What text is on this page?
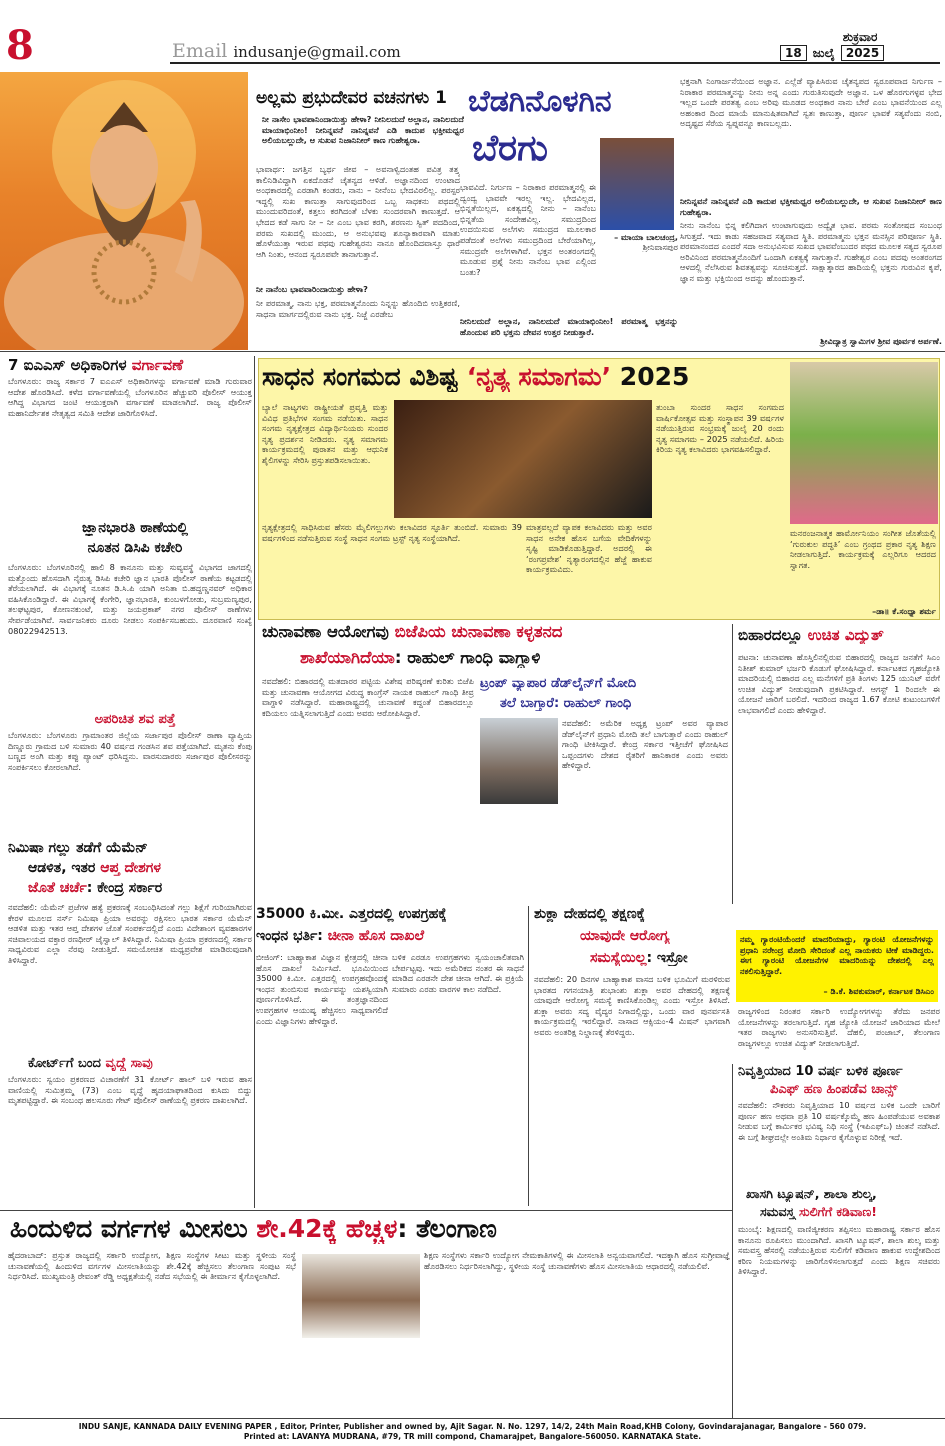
8	Email indusanje@gmail.com
ಶುಕ್ರವಾರ
18 ಜುಲೈ 2025
ಅಲ್ಲಮ ಪ್ರಭುದೇವರ ವಚನಗಳು 1
ನೀ ನಾಸೇಂ ಭಾವಪಾನಿಂದಾಯಿತ್ತು ಹೇಳಾ? ನೀನಿಲದುದೆ ಅಲ್ಲಾನ, ನಾನಿಲದುದೆ ಮಾಯಾಭಿಂನೀಂ! ನೀನಿನ್ನವನೆ ನಾನಿನ್ನವನೆ ಎಡಿ ಕಾದುಪ ಭಕ್ತೀಮಧ್ವರ ಅಲಿಯಬಲ್ಲುದೇ, ಆ ಸುಖವ ನಿಜಾನಿನೀರ್ ಕಾಣ ಗುಹೇಶ್ವರಾ.
ಭಾವಾರ್ಥ: ಜಗತ್ತಿನ ಬ್ಯರ್ಥ ಜೀವ – ಅವನಾಳ್ವಿದಂತಹ ಪವಿತ್ರ ತತ್ತ್ವ ಕಾಲಿನಿಡಿವಿದ್ದಾಗಿ ಏಕದೊಡನೆ ಚೈತನ್ಯದ ಆಳಿಡೆ. ಅಜ್ಞಾನದಿಂದ ಉಂಟಾದ ಅಂಧಕಾರದಲ್ಲಿ ಎರಡಾಗಿ ಕಂಡರು, ನಾನು – ನೀನೆಂಬ ಭೇದವಿರಲಿಲ್ಲ. ಪರಸ್ಪರ ಇದ್ದಲ್ಲಿ ಸುಖ ಕಾಣುತ್ತಾ ಸಾಗುವುದರಿಂದ ಒಬ್ಬ ಸಾಧಕನು ಪಥದಲ್ಲಿ ಮುಂದುವರಿದಂತೆ, ಕತ್ತಲು ಕರಗಿದಂತೆ ಬೆಳಕು ಸುಂದರವಾಗಿ ಕಾಣುತ್ತದೆ. ಆ ಭೇದದ ಕಡೆ ಸಾಗು ನೀ – ನೀ ಎಂಬ ಭಾವ ಕರಗಿ, ಶರಣನು ಸ್ವಿತ್ ಪದದಿಂದ, ಪರಮ ಸುಖದಲ್ಲಿ ಮುಂದು, ಆ ಅನುಭವವು ಶೂನ್ಯಾಕಾರವಾಗಿ ಮಾತು ಹೊಳೆಯುತ್ತಾ ಇರುವ ಪಥವು ಗುಹೇಶ್ವರನು ನಾನೂ ಹೊಂದಿದವಾಸ್ತೂ ಧಾರೆ ಆಗಿ ನಿಂತು, ಆನಂದ ಸ್ವರೂಪವೇ ತಾನಾಗುತ್ತಾನೆ.
ನೀ ನಾನೆಂಬ ಭಾವವಾರಿಂದಾಯಿತ್ತು ಹೇಳಾ?
ನೀ ಪರಮಾತ್ಮ, ನಾನು ಭಕ್ತ, ಪರಮಾತ್ಮನೊಂದು ನಿನ್ನನ್ನು ಹೊಂದಿಬಿ ಉತ್ತಿಕರಣಿ, ಸಾಧನಾ ಮಾರ್ಗದಲ್ಲಿರುವ ನಾನು ಭಕ್ತ. ನಿಜ್ಜೆ ಎರಡೇಬ
ಬೆಡಗಿನೊಳಗಿನ
ಬೆರಗು
– ಮಾಯಾ ಬಾಲಚಂದ್ರ,
ಶ್ರೀನಿವಾಸಪುರ
ಭಾವವಿದೆ. ನಿರ್ಗುಣ – ನಿರಾಕಾರ ಪರಮಾತ್ಮನಲ್ಲಿ ಈ ದ್ವಂದ್ವ ಭಾವವೇ ಇರಲ್ಲ ಇಲ್ಲ. ಭೇದವಿಲ್ಲದ, ಭಿನ್ನತೆಯಿಲ್ಲದ, ಏಕತ್ವದಲ್ಲಿ ನೀನು – ನಾನೆಂಬ ಭಿನ್ನತೆಯ ಸಂದೇಹವಿಲ್ಲ. ಸಮುದ್ರದಿಂದ ಉದಯಿಸುವ ಅಲೆಗಳು ಸಮುದ್ರದ ಮೂಲಕಾರ ಪಡೆದಂತೆ ಅಲೆಗಳು ಸಮುದ್ರದಿಂದ ಬೇರೆಯಾಗಿಲ್ಲ, ಸಮುದ್ರವೇ ಅಲೆಗಳಾಗಿವೆ. ಭಕ್ತನ ಅಂತರಂಗದಲ್ಲಿ ಮೂಡುವ ಪ್ರಶ್ನೆ ನೀನು ನಾನೆಂಬ ಭಾವ ಎಲ್ಲಿಂದ ಬಂತು?
ನೀನಿಲದುದೆ ಅಲ್ಲಾನ, ನಾನಿಲದುದೆ ಮಾಯಾಭಿಂನೀಂ! ಪರಮಾತ್ಮ ಭಕ್ತನನ್ನು ಹೊಂದುವ ಪರಿ ಭಕ್ತನು ದೇವನ ಉತ್ತರ ನೀಡುತ್ತಾರೆ.
ಭಕ್ತನಾಗಿ ನಿಂಗಾರ್ಜನೆಯಿಂದ ಅಜ್ಞಾನ. ಎಲ್ಲೆಡೆ ವ್ಯಾಪಿಸಿರುವ ಚೈತನ್ಯಪದ ಸ್ವರೂಪವಾದ ನಿರ್ಗುಣ – ನಿರಾಕಾರ ಪರಮಾತ್ಮನನ್ನು ನೀನು ಅನ್ನ ಎಂದು ಗುರುತಿಸುವುದೇ ಅಜ್ಞಾನ. ಒಳ ಹೊರಗುಗಳ್ಳವ ಭೇದ ಇಲ್ಲದ ಒಂದೇ ಪರತತ್ವ ಎಂಬ ಅರಿವು ಮೂಡದ ಅಂಧಕಾರ ನಾನು ಬೇರೆ ಎಂಬ ಭಾವನೆಯಿಂದ ಎಲ್ಲ ಅಹಂಕಾರ ದಿಂದ ಮಾಯೆ ಮಾನುಷಿತವಾಗಿದೆ ಸ್ವತಃ ಕಾಣುತ್ತಾ, ಪೂರ್ಣ ಭಾವಕೆ ಸತ್ಯವೆಂದು ನಂಬಿ, ಅದೃಷ್ಟದ ಸೆರೆಯ ಸ್ವಪ್ನವನ್ನೂ ಕಾಣಬಲ್ಲದು.
ನೀನಿನ್ನವನೆ ನಾನಿನ್ನವನೆ ಎಡಿ ಕಾದುಪ ಭಕ್ತೀಮಧ್ವರ ಅಲಿಯಬಲ್ಲುದೇ, ಆ ಸುಖವ ನಿಜಾನಿನೀರ್ ಕಾಣ ಗುಹೇಶ್ವರಾ.
ನೀನು ನಾನೆಂಬ ಭಿನ್ನ ಕಲಿಗಿದಾಗ ಉಂಟಾಗುವುದು ಅದ್ವೈತ ಭಾವ. ಪರಮ ಸಂತೋಷದ ಸಂಬಂಧ ಸಿಗುತ್ತದೆ. ಇದು ಕಾಡು ಸಹಜವಾದ ಸತ್ಯವಾದ ಸ್ಥಿತಿ. ಪರಮಾತ್ಮನು ಭಕ್ತನ ಮನಸ್ಸಿನ ಪರಿಪೂರ್ಣ ಸ್ಥಿತಿ. ಪರಮಾನಂದದ ಎಂದರೆ ಸದಾ ಅನುಭವಿಸುವ ಸುಖದ ಭಾವವೆಂಬುದರ ಪಥದ ಮೂಲಕ ಸತ್ಯದ ಸ್ವರೂಪ ಅರಿವಿನಿಂದ ಪರಮಾತ್ಮನೊಂದಿಗೆ ಒಂದಾಗಿ ಏಕತ್ವಕ್ಕೆ ಸಾಗುತ್ತಾನೆ. ಗುಹೇಶ್ವರ ಎಂಬ ಪದವು ಅಂತರಂಗದ ಆಳದಲ್ಲಿ ನೆಲೆಸಿರುವ ಶಿವತತ್ವವನ್ನು ಸೂಚಿಸುತ್ತದೆ. ಸಾಕ್ಷಾತ್ಕಾರದ ಹಾದಿಯಲ್ಲಿ ಭಕ್ತನು ಗುರುವಿನ ಕೃಪೆ, ಜ್ಞಾನ ಮತ್ತು ಭಕ್ತಿಯಿಂದ ಅದನ್ನು ಹೊಂದುತ್ತಾನೆ.
ಶ್ರೀವಿದ್ಯಾತ್ರ ಸ್ವಾಮಿಗಳ ಶ್ರೀವ ಪೂರ್ವಕ ಅರ್ಪಣೆ.
7 ಐಎಎಸ್ ಅಧಿಕಾರಿಗಳ ವರ್ಗಾವಣೆ
ಬೆಂಗಳೂರು: ರಾಜ್ಯ ಸರ್ಕಾರ 7 ಐಎಎಸ್ ಅಧಿಕಾರಿಗಳನ್ನು ವರ್ಗಾವಣೆ ಮಾಡಿ ಗುರುವಾರ ಆದೇಶ ಹೊರಡಿಸಿದೆ. ಕಳೆದ ವರ್ಗಾವಣೆಯಲ್ಲಿ ಬೆಂಗಳೂರಿನ ಹೆಚ್ಚುವರಿ ಪೊಲೀಸ್ ಆಯುಕ್ತ ಆಗಿದ್ದ ವಿಭಾಗದ ಜಂಟಿ ಆಯುಕ್ತರಾಗಿ ವರ್ಗಾವಣೆ ಮಾಡಲಾಗಿದೆ. ರಾಜ್ಯ ಪೊಲೀಸ್ ಮಹಾನಿರ್ದೇಶಕ ನೇತೃತ್ವದ ಸಮಿತಿ ಆದೇಶ ಜಾರಿಗೊಳಿಸಿದೆ.
ಜ್ಞಾನಭಾರತಿ ಠಾಣೆಯಲ್ಲಿ
ನೂತನ ಡಿಸಿಪಿ ಕಚೇರಿ
ಬೆಂಗಳೂರು: ಬೆಂಗಳೂರಿನಲ್ಲಿ ಹಾಲಿ 8 ಕಾನೂನು ಮತ್ತು ಸುವ್ಯವಸ್ಥೆ ವಿಭಾಗದ ಜಾಗದಲ್ಲಿ ಮತ್ತೊಂದು ಹೊಸದಾಗಿ ನೈರುತ್ಯ ಡಿಸಿಪಿ ಕಚೇರಿ ಜ್ಞಾನ ಭಾರತಿ ಪೊಲೀಸ್ ಠಾಣೆಯ ಕಟ್ಟಡದಲ್ಲಿ ತೆರೆಯಲಾಗಿದೆ. ಈ ವಿಭಾಗಕ್ಕೆ ನೂತನ ಡಿ.ಸಿ.ಪಿ ಯಾಗಿ ಅನಿತಾ ಬಿ.ಹದ್ದಣ್ಣನವರ್ ಅಧಿಕಾರ ವಹಿಸಿಕೊಂಡಿದ್ದಾರೆ. ಈ ವಿಭಾಗಕ್ಕೆ ಕೆಂಗೇರಿ, ಜ್ಞಾನಭಾರತಿ, ಕುಂಬಳಗೋಡು, ಸುಬ್ರಮಣ್ಯಪುರ, ತಲಘಟ್ಟಪುರ, ಕೋಣನಕುಂಟೆ, ಮತ್ತು ಜಯಪ್ರಕಾಶ್ ನಗರ ಪೊಲೀಸ್ ಠಾಣೆಗಳು ಸೇರ್ಪಡೆಯಾಗಿವೆ. ಸಾರ್ವಜನಿಕರು ದೂರು ನೀಡಲು ಸಂಪರ್ಕಿಸಬಹುದು. ದೂರವಾಣಿ ಸಂಖ್ಯೆ 08022942513.
ಅಪರಿಚಿತ ಶವ ಪತ್ತೆ
ಬೆಂಗಳೂರು: ಬೆಂಗಳೂರು ಗ್ರಾಮಾಂತರ ಜಿಲ್ಲೆಯ ಸರ್ಜಾಪುರ ಪೊಲೀಸ್ ಠಾಣಾ ವ್ಯಾಪ್ತಿಯ ದಿಣ್ಣೂರು ಗ್ರಾಮದ ಬಳಿ ಸುಮಾರು 40 ವರ್ಷದ ಗಂಡಸಿನ ಶವ ಪತ್ತೆಯಾಗಿದೆ. ಮೃತನು ಕೆಂಪು ಬಣ್ಣದ ಅಂಗಿ ಮತ್ತು ಕಪ್ಪು ಪ್ಯಾಂಟ್ ಧರಿಸಿದ್ದನು. ವಾರಸುದಾರರು ಸರ್ಜಾಪುರ ಪೊಲೀಸರನ್ನು ಸಂಪರ್ಕಿಸಲು ಕೋರಲಾಗಿದೆ.
ನಿಮಿಷಾ ಗಲ್ಲು ತಡೆಗೆ ಯೆಮೆನ್
ಆಡಳಿತ, ಇತರ ಆಪ್ತ ದೇಶಗಳ
ಜೊತೆ ಚರ್ಚೆ: ಕೇಂದ್ರ ಸರ್ಕಾರ
ನವದೆಹಲಿ: ಯೆಮೆನ್ ಪ್ರಜೆಗಳ ಹತ್ಯೆ ಪ್ರಕರಣಕ್ಕೆ ಸಂಬಂಧಿಸಿದಂತೆ ಗಲ್ಲು ಶಿಕ್ಷೆಗೆ ಗುರಿಯಾಗಿರುವ ಕೇರಳ ಮೂಲದ ನರ್ಸ್ ನಿಮಿಷಾ ಪ್ರಿಯಾ ಅವರನ್ನು ರಕ್ಷಿಸಲು ಭಾರತ ಸರ್ಕಾರ ಯೆಮೆನ್ ಆಡಳಿತ ಮತ್ತು ಇತರ ಆಪ್ತ ದೇಶಗಳ ಜೊತೆ ಸಂಪರ್ಕದಲ್ಲಿದೆ ಎಂದು ವಿದೇಶಾಂಗ ವ್ಯವಹಾರಗಳ ಸಚಿವಾಲಯದ ವಕ್ತಾರ ರಣಧೀರ್ ಜೈಸ್ವಾಲ್ ತಿಳಿಸಿದ್ದಾರೆ. ನಿಮಿಷಾ ಪ್ರಿಯಾ ಪ್ರಕರಣದಲ್ಲಿ ಸರ್ಕಾರ ಸಾಧ್ಯವಿರುವ ಎಲ್ಲಾ ನೆರವು ನೀಡುತ್ತಿದೆ. ಸಮಯೋಚಿತ ಮಧ್ಯಪ್ರವೇಶ ಮಾಡಿರುವುದಾಗಿ ತಿಳಿಸಿದ್ದಾರೆ.
ಕೋರ್ಟ್‌ಗೆ ಬಂದ ವೃದ್ಧೆ ಸಾವು
ಬೆಂಗಳೂರು: ಸ್ವಯಂ ಪ್ರಕರಣದ ವಿಚಾರಣೆಗೆ 31 ಕೋರ್ಟ್ ಹಾಲ್ ಬಳಿ ಇರುವ ಹಾಸ ವಾಣಿಯಲ್ಲಿ ಸುಮಿತ್ರಮ್ಮ (73) ಎಂಬ ವೃದ್ಧೆ ಹೃದಯಾಘಾತದಿಂದ ಕುಸಿದು ಬಿದ್ದು ಮೃತಪಟ್ಟಿದ್ದಾರೆ. ಈ ಸಂಬಂಧ ಹಲಸೂರು ಗೇಟ್ ಪೊಲೀಸ್ ಠಾಣೆಯಲ್ಲಿ ಪ್ರಕರಣ ದಾಖಲಾಗಿದೆ.
ಸಾಧನ ಸಂಗಮದ ವಿಶಿಷ್ಟ ‘ನೃತ್ಯ ಸಮಾಗಮ’ 2025
ಬ್ಯಾಲೆ ನಾಟ್ಯಗಳು ರಾಷ್ಟ್ರೀಯತೆ ಪ್ರವೃತ್ತಿ ಮತ್ತು ವಿವಿಧ ಪ್ರತಿಭೆಗಳ ಸಂಗಮ ನಡೆಯಿತು. ಸಾಧನ ಸಂಗಮ ನೃತ್ಯಕ್ಷೇತ್ರದ ವಿದ್ಯಾರ್ಥಿನಿಯರು ಸುಂದರ ನೃತ್ಯ ಪ್ರದರ್ಶನ ನೀಡಿದರು. ನೃತ್ಯ ಸಮಾಗಮ ಕಾರ್ಯಕ್ರಮದಲ್ಲಿ ಪುರಾತನ ಮತ್ತು ಆಧುನಿಕ ಶೈಲಿಗಳನ್ನು ಸೇರಿಸಿ ಪ್ರಸ್ತುತಪಡಿಸಲಾಯಿತು.
ನೃತ್ಯಕ್ಷೇತ್ರದಲ್ಲಿ ಸಾಧಿಸಿರುವ ಹೆಸರು ಮೈಲಿಗಲ್ಲುಗಳು ಕಲಾವಿದರ ಸ್ಫೂರ್ತಿ ತುಂಬಿದೆ. ಸುಮಾರು 39 ವರ್ಷಗಳಿಂದ ನಡೆಸುತ್ತಿರುವ ಸಂಸ್ಥೆ ಸಾಧನ ಸಂಗಮ ಟ್ರಸ್ಟ್ ನೃತ್ಯ ಸಂಸ್ಥೆಯಾಗಿದೆ.
ಮಾತ್ರವಲ್ಲದೆ ವ್ಯಾಪಕ ಕಲಾವಿದರು ಮತ್ತು ಅವರ ಸಾಧನ ಅನೇಕ ಹೊಸ ಬಗೆಯ ವೇದಿಕೆಗಳನ್ನು ಸೃಷ್ಟಿ ಮಾಡಿಕೊಡುತ್ತಿದ್ದಾರೆ. ಅದರಲ್ಲಿ ಈ ‘ರಂಗಪ್ರವೇಶ’ ನೃತ್ಯಾರಂಗದಲ್ಲಿನ ಹೆಜ್ಜೆ ಹಾಕುವ ಕಾರ್ಯಕ್ರಮವಿದು.
ತುಂಬಾ ಸುಂದರ ಸಾಧನ ಸಂಗಮದ ವಾರ್ಷಿಕೋತ್ಸವ ಮತ್ತು ಸಂಸ್ಥಾಪನ 39 ವರ್ಷಗಳ ನಡೆಯುತ್ತಿರುವ ಸಂಭ್ರಮಕ್ಕೆ ಜುಲೈ 20 ರಂದು ನೃತ್ಯ ಸಮಾಗಮ – 2025 ನಡೆಯಲಿದೆ. ಹಿರಿಯ ಕಿರಿಯ ನೃತ್ಯ ಕಲಾವಿದರು ಭಾಗವಹಿಸಲಿದ್ದಾರೆ.
ಮನರಂಜನಾತ್ಮಕ ಹಾರ್ಮೋನಿಯಂ ಸಂಗೀತ ಜೊತೆಯಲ್ಲಿ ‘ಗುರುಕುಲ ಪದ್ಧತಿ’ ಎಂಬ ಗ್ರಂಥದ ಪ್ರಕಾರ ನೃತ್ಯ ಶಿಕ್ಷಣ ನೀಡಲಾಗುತ್ತಿದೆ. ಕಾರ್ಯಕ್ರಮಕ್ಕೆ ಎಲ್ಲರಿಗೂ ಆದರದ ಸ್ವಾಗತ.
–ಡಾ॥ ಕೆ.ಸಂಧ್ಯಾ ಶರ್ಮ
ಚುನಾವಣಾ ಆಯೋಗವು ಬಿಜೆಪಿಯ ಚುನಾವಣಾ ಕಳ್ಳತನದ
ಶಾಖೆಯಾಗಿದೆಯಾ: ರಾಹುಲ್ ಗಾಂಧಿ ವಾಗ್ದಾಳಿ
ನವದೆಹಲಿ: ಬಿಹಾರದಲ್ಲಿ ಮತದಾರರ ಪಟ್ಟಿಯ ವಿಶೇಷ ಪರಿಷ್ಕರಣೆ ಕುರಿತು ಬಿಜೆಪಿ ಮತ್ತು ಚುನಾವಣಾ ಆಯೋಗದ ವಿರುದ್ಧ ಕಾಂಗ್ರೆಸ್ ನಾಯಕ ರಾಹುಲ್ ಗಾಂಧಿ ತೀವ್ರ ವಾಗ್ದಾಳಿ ನಡೆಸಿದ್ದಾರೆ. ಮಹಾರಾಷ್ಟ್ರದಲ್ಲಿ ಚುನಾವಣೆ ಕದ್ದಂತೆ ಬಿಹಾರದಲ್ಲೂ ಕದಿಯಲು ಯತ್ನಿಸಲಾಗುತ್ತಿದೆ ಎಂದು ಅವರು ಆರೋಪಿಸಿದ್ದಾರೆ.
ಟ್ರಂಪ್ ವ್ಯಾಪಾರ ಡೆಡ್‌ಲೈನ್‌ಗೆ ಮೋದಿ
ತಲೆ ಬಾಗ್ತಾರೆ: ರಾಹುಲ್ ಗಾಂಧಿ
ನವದೆಹಲಿ: ಅಮೆರಿಕ ಅಧ್ಯಕ್ಷ ಟ್ರಂಪ್ ಅವರ ವ್ಯಾಪಾರ ಡೆಡ್‌ಲೈನ್‌ಗೆ ಪ್ರಧಾನಿ ಮೋದಿ ತಲೆ ಬಾಗುತ್ತಾರೆ ಎಂದು ರಾಹುಲ್ ಗಾಂಧಿ ಟೀಕಿಸಿದ್ದಾರೆ. ಕೇಂದ್ರ ಸರ್ಕಾರ ಇತ್ತೀಚೆಗೆ ಘೋಷಿಸಿದ ಒಪ್ಪಂದಗಳು ದೇಶದ ರೈತರಿಗೆ ಹಾನಿಕಾರಕ ಎಂದು ಅವರು ಹೇಳಿದ್ದಾರೆ.
ಬಿಹಾರದಲ್ಲೂ ಉಚಿತ ವಿದ್ಯುತ್
ಪಟನಾ: ಚುನಾವಣಾ ಹೊಸ್ತಿಲಿನಲ್ಲಿರುವ ಬಿಹಾರದಲ್ಲಿ ರಾಜ್ಯದ ಜನತೆಗೆ ಸಿಎಂ ನಿತೀಶ್ ಕುಮಾರ್ ಭರ್ಜರಿ ಕೊಡುಗೆ ಘೋಷಿಸಿದ್ದಾರೆ. ಕರ್ನಾಟಕದ ಗೃಹಜ್ಯೋತಿ ಮಾದರಿಯಲ್ಲಿ ಬಿಹಾರದ ಎಲ್ಲ ಮನೆಗಳಿಗೆ ಪ್ರತಿ ತಿಂಗಳು 125 ಯುನಿಟ್ ವರೆಗೆ ಉಚಿತ ವಿದ್ಯುತ್ ನೀಡುವುದಾಗಿ ಪ್ರಕಟಿಸಿದ್ದಾರೆ. ಆಗಸ್ಟ್ 1 ರಿಂದಲೇ ಈ ಯೋಜನೆ ಜಾರಿಗೆ ಬರಲಿದೆ. ಇದರಿಂದ ರಾಜ್ಯದ 1.67 ಕೋಟಿ ಕುಟುಂಬಗಳಿಗೆ ಲಾಭವಾಗಲಿದೆ ಎಂದು ಹೇಳಿದ್ದಾರೆ.
ನಮ್ಮ ಗ್ಯಾರಂಟಿಯೆಂದರೆ ಮಾದರಿಯಾದ್ದು, ಗ್ಯಾರಂಟಿ ಯೋಜನೆಗಳನ್ನು ಪ್ರಧಾನಿ ನರೇಂದ್ರ ಮೋದಿ ಸೇರಿದಂತೆ ಎಲ್ಲ ನಾಯಕರು ಟೀಕೆ ಮಾಡಿದ್ದರು. ಈಗ ಗ್ಯಾರಂಟಿ ಯೋಜನೆಗಳ ಮಾದರಿಯನ್ನು ದೇಶದಲ್ಲಿ ಎಲ್ಲ ನಕಲಿಸುತ್ತಿದ್ದಾರೆ.
– ಡಿ.ಕೆ. ಶಿವಕುಮಾರ್, ಕರ್ನಾಟಕ ಡಿಸಿಎಂ
ರಾಜ್ಯಗಳಿಂದ ನಿರಂತರ ಸರ್ಕಾರಿ ಉದ್ಯೋಗಗಳನ್ನು ತೆರೆದು ಜನಪರ ಯೋಜನೆಗಳನ್ನು ತರಲಾಗುತ್ತಿದೆ. ಗೃಹ ಜ್ಯೋತಿ ಯೋಜನೆ ಜಾರಿಯಾದ ಮೇಲೆ ಇತರ ರಾಜ್ಯಗಳು ಅನುಸರಿಸುತ್ತಿವೆ. ದೆಹಲಿ, ಪಂಜಾಬ್, ತೆಲಂಗಾಣ ರಾಜ್ಯಗಳಲ್ಲೂ ಉಚಿತ ವಿದ್ಯುತ್ ನೀಡಲಾಗುತ್ತಿದೆ.
ನಿವೃತ್ತಿಯಾದ 10 ವರ್ಷ ಬಳಿಕ ಪೂರ್ಣ
ಪಿಎಫ್ ಹಣ ಹಿಂಪಡೆವ ಚಾನ್ಸ್
ನವದೆಹಲಿ: ನೌಕರರು ನಿವೃತ್ತಿಯಾದ 10 ವರ್ಷದ ಬಳಿಕ ಒಂದೇ ಬಾರಿಗೆ ಪೂರ್ಣ ಹಣ ಅಥವಾ ಪ್ರತಿ 10 ವರ್ಷಕ್ಕೊಮ್ಮೆ ಹಣ ಹಿಂಪಡೆಯುವ ಅವಕಾಶ ನೀಡುವ ಬಗ್ಗೆ ಕಾರ್ಮಿಕರ ಭವಿಷ್ಯ ನಿಧಿ ಸಂಸ್ಥೆ (ಇಪಿಎಫ್‌ಒ) ಚಿಂತನೆ ನಡೆಸಿದೆ. ಈ ಬಗ್ಗೆ ಶೀಘ್ರದಲ್ಲೇ ಅಂತಿಮ ನಿರ್ಧಾರ ಕೈಗೊಳ್ಳುವ ನಿರೀಕ್ಷೆ ಇದೆ.
ಖಾಸಗಿ ಟ್ಯೂಷನ್, ಶಾಲಾ ಶುಲ್ಕ,
ಸಮವಸ್ತ್ರ ಸುಲಿಗೆಗೆ ಕಡಿವಾಣ!
ಮುಂಬೈ: ಶಿಕ್ಷಣದಲ್ಲಿ ವಾಣಿಜ್ಯೀಕರಣ ತಪ್ಪಿಸಲು ಮಹಾರಾಷ್ಟ್ರ ಸರ್ಕಾರ ಹೊಸ ಕಾನೂನು ರೂಪಿಸಲು ಮುಂದಾಗಿದೆ. ಖಾಸಗಿ ಟ್ಯೂಷನ್, ಶಾಲಾ ಶುಲ್ಕ ಮತ್ತು ಸಮವಸ್ತ್ರ ಹೆಸರಲ್ಲಿ ನಡೆಯುತ್ತಿರುವ ಸುಲಿಗೆಗೆ ಕಡಿವಾಣ ಹಾಕುವ ಉದ್ದೇಶದಿಂದ ಕಠಿಣ ನಿಯಮಗಳನ್ನು ಜಾರಿಗೊಳಿಸಲಾಗುತ್ತದೆ ಎಂದು ಶಿಕ್ಷಣ ಸಚಿವರು ತಿಳಿಸಿದ್ದಾರೆ.
35000 ಕಿ.ಮೀ. ಎತ್ತರದಲ್ಲಿ ಉಪಗ್ರಹಕ್ಕೆ
ಇಂಧನ ಭರ್ತಿ: ಚೀನಾ ಹೊಸ ದಾಖಲೆ
ಬೀಜಿಂಗ್: ಬಾಹ್ಯಾಕಾಶ ವಿಜ್ಞಾನ ಕ್ಷೇತ್ರದಲ್ಲಿ ಚೀನಾ ಹೊಸ ದಾಖಲೆ ನಿರ್ಮಿಸಿದೆ. ಭೂಮಿಯಿಂದ 35000 ಕಿ.ಮೀ. ಎತ್ತರದಲ್ಲಿ ಉಪಗ್ರಹವೊಂದಕ್ಕೆ ಇಂಧನ ತುಂಬಿಸುವ ಕಾರ್ಯವನ್ನು ಯಶಸ್ವಿಯಾಗಿ ಪೂರ್ಣಗೊಳಿಸಿದೆ. ಈ ತಂತ್ರಜ್ಞಾನದಿಂದ ಉಪಗ್ರಹಗಳ ಆಯುಷ್ಯ ಹೆಚ್ಚಿಸಲು ಸಾಧ್ಯವಾಗಲಿದೆ ಎಂದು ವಿಜ್ಞಾನಿಗಳು ಹೇಳಿದ್ದಾರೆ.
ಬಳಿಕ ಎರಡೂ ಉಪಗ್ರಹಗಳು ಸ್ವಯಂಚಾಲಿತವಾಗಿ ಬೇರ್ಪಟ್ಟವು. ಇದು ಅಮೆರಿಕದ ನಂತರ ಈ ಸಾಧನೆ ಮಾಡಿದ ಎರಡನೇ ದೇಶ ಚೀನಾ ಆಗಿದೆ. ಈ ಪ್ರಕ್ರಿಯೆ ಸುಮಾರು ಎರಡು ವಾರಗಳ ಕಾಲ ನಡೆದಿದೆ.
ಶುಕ್ಲಾ ದೇಹದಲ್ಲಿ ತಕ್ಷಣಕ್ಕೆ
ಯಾವುದೇ ಆರೋಗ್ಯ
ಸಮಸ್ಯೆಯಿಲ್ಲ: ಇಸ್ರೋ
ನವದೆಹಲಿ: 20 ದಿನಗಳ ಬಾಹ್ಯಾಕಾಶ ವಾಸದ ಬಳಿಕ ಭೂಮಿಗೆ ಮರಳಿರುವ ಭಾರತದ ಗಗನಯಾತ್ರಿ ಶುಭಾಂಶು ಶುಕ್ಲಾ ಅವರ ದೇಹದಲ್ಲಿ ತಕ್ಷಣಕ್ಕೆ ಯಾವುದೇ ಆರೋಗ್ಯ ಸಮಸ್ಯೆ ಕಾಣಿಸಿಕೊಂಡಿಲ್ಲ ಎಂದು ಇಸ್ರೋ ತಿಳಿಸಿದೆ. ಶುಕ್ಲಾ ಅವರು ಸದ್ಯ ವೈದ್ಯರ ನಿಗಾದಲ್ಲಿದ್ದು, ಒಂದು ವಾರ ಪುನರ್ವಸತಿ ಕಾರ್ಯಕ್ರಮದಲ್ಲಿ ಇರಲಿದ್ದಾರೆ. ನಾಸಾದ ಆಕ್ಸಿಯಂ-4 ಮಿಷನ್ ಭಾಗವಾಗಿ ಅವರು ಅಂತರಿಕ್ಷ ನಿಲ್ದಾಣಕ್ಕೆ ತೆರಳಿದ್ದರು.
ಹಿಂದುಳಿದ ವರ್ಗಗಳ ಮೀಸಲು ಶೇ.42ಕ್ಕೆ ಹೆಚ್ಚಳ: ತೆಲಂಗಾಣ
ಹೈದರಾಬಾದ್: ಪ್ರಸ್ತುತ ರಾಜ್ಯದಲ್ಲಿ ಸರ್ಕಾರಿ ಉದ್ಯೋಗ, ಶಿಕ್ಷಣ ಸಂಸ್ಥೆಗಳ ಸೀಟು ಮತ್ತು ಸ್ಥಳೀಯ ಸಂಸ್ಥೆ ಚುನಾವಣೆಯಲ್ಲಿ ಹಿಂದುಳಿದ ವರ್ಗಗಳ ಮೀಸಲಾತಿಯನ್ನು ಶೇ.42ಕ್ಕೆ ಹೆಚ್ಚಿಸಲು ತೆಲಂಗಾಣ ಸಂಪುಟ ಸಭೆ ನಿರ್ಧರಿಸಿದೆ. ಮುಖ್ಯಮಂತ್ರಿ ರೇವಂತ್ ರೆಡ್ಡಿ ಅಧ್ಯಕ್ಷತೆಯಲ್ಲಿ ನಡೆದ ಸಭೆಯಲ್ಲಿ ಈ ತೀರ್ಮಾನ ಕೈಗೊಳ್ಳಲಾಗಿದೆ.
ಶಿಕ್ಷಣ ಸಂಸ್ಥೆಗಳು ಸರ್ಕಾರಿ ಉದ್ಯೋಗ ನೇಮಕಾತಿಗಳಲ್ಲಿ ಈ ಮೀಸಲಾತಿ ಅನ್ವಯವಾಗಲಿದೆ. ಇದಕ್ಕಾಗಿ ಹೊಸ ಸುಗ್ರೀವಾಜ್ಞೆ ಹೊರಡಿಸಲು ನಿರ್ಧರಿಸಲಾಗಿದ್ದು, ಸ್ಥಳೀಯ ಸಂಸ್ಥೆ ಚುನಾವಣೆಗಳು ಹೊಸ ಮೀಸಲಾತಿಯ ಆಧಾರದಲ್ಲಿ ನಡೆಯಲಿವೆ.
INDU SANJE, KANNADA DAILY EVENING PAPER , Editor, Printer, Publisher and owned by, Ajit Sagar. N. No. 1297, 14/2, 24th Main Road,KHB Colony, Govindarajanagar, Bangalore - 560 079.
Printed at: LAVANYA MUDRANA, #79, TR mill compond, Chamarajpet, Bangalore-560050. KARNATAKA State.
